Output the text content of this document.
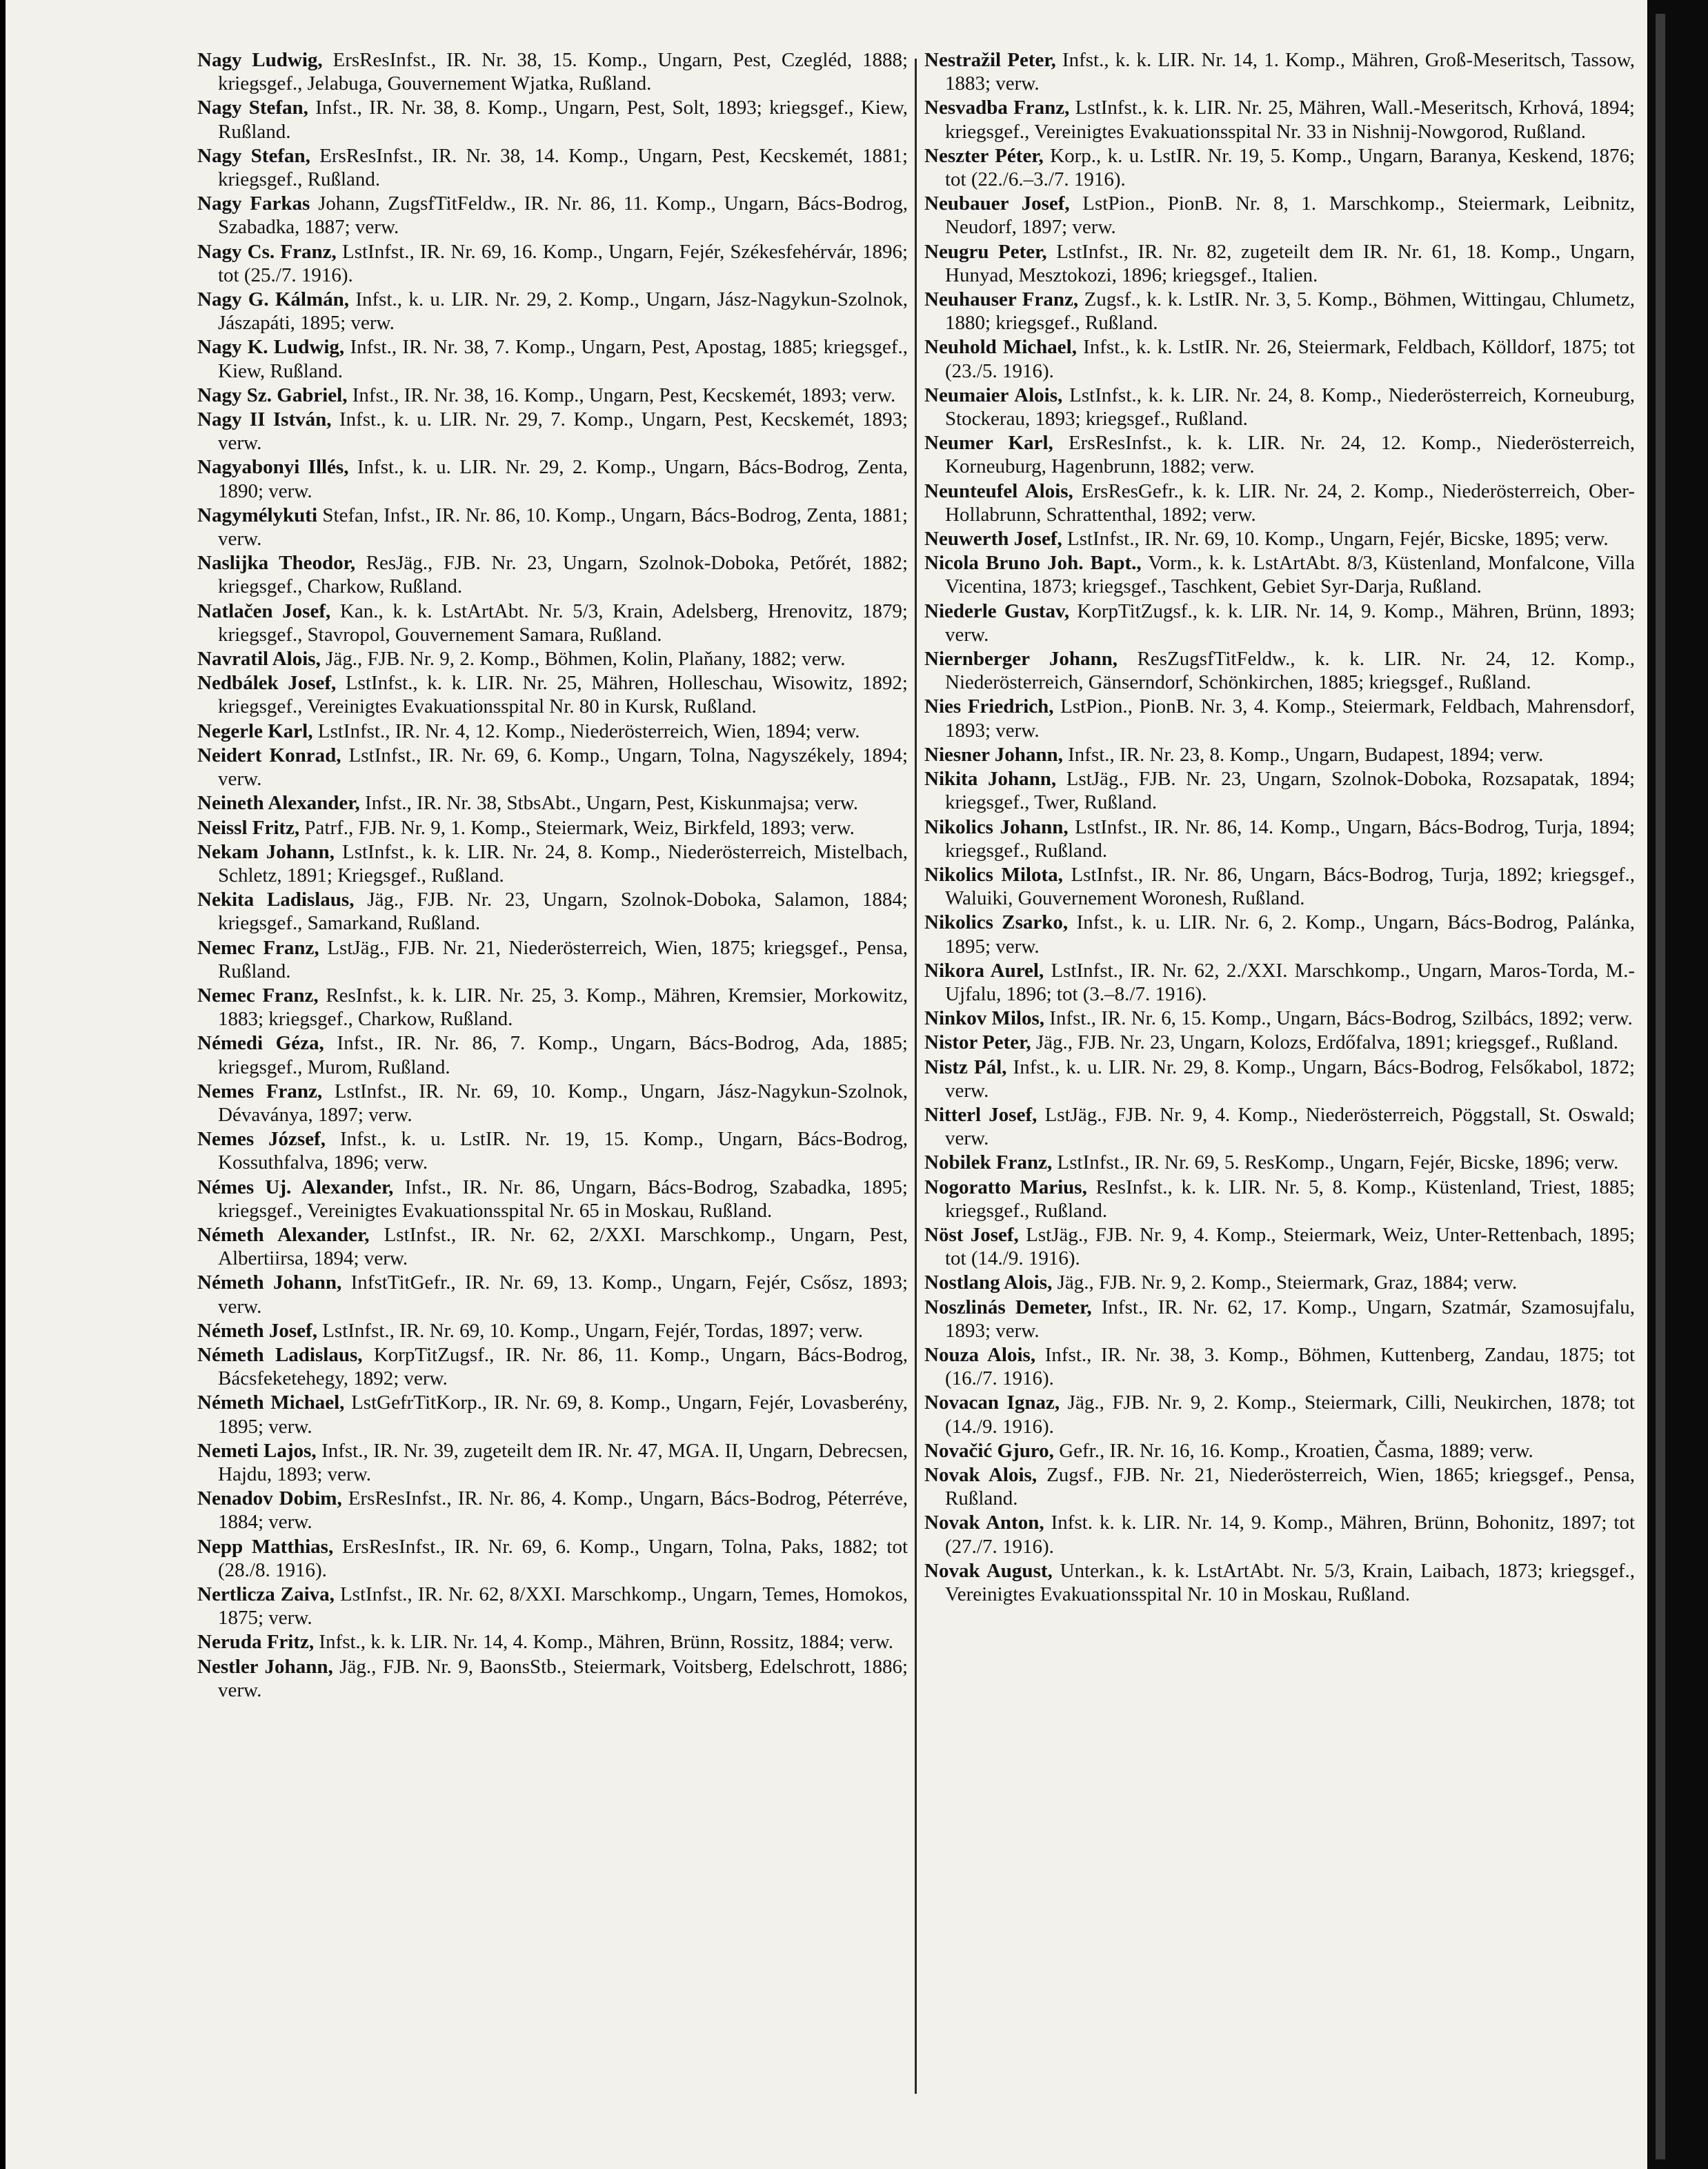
Nagy Ludwig, ErsResInfst., IR. Nr. 38, 15. Komp., Ungarn, Pest, Czegléd, 1888; kriegsgef., Jelabuga, Gouvernement Wjatka, Rußland.

Nagy Stefan, Infst., IR. Nr. 38, 8. Komp., Ungarn, Pest, Solt, 1893; kriegsgef., Kiew, Rußland.

Nagy Stefan, ErsResInfst., IR. Nr. 38, 14. Komp., Ungarn, Pest, Kecskemét, 1881; kriegsgef., Rußland.

Nagy Farkas Johann, ZugsfTitFeldw., IR. Nr. 86, 11. Komp., Ungarn, Bács-Bodrog, Szabadka, 1887; verw.

Nagy Cs. Franz, LstInfst., IR. Nr. 69, 16. Komp., Ungarn, Fejér, Székesfehérvár, 1896; tot (25./7. 1916).

Nagy G. Kálmán, Infst., k. u. LIR. Nr. 29, 2. Komp., Ungarn, Jász-Nagykun-Szolnok, Jászapáti, 1895; verw.

Nagy K. Ludwig, Infst., IR. Nr. 38, 7. Komp., Ungarn, Pest, Apostag, 1885; kriegsgef., Kiew, Rußland.

Nagy Sz. Gabriel, Infst., IR. Nr. 38, 16. Komp., Ungarn, Pest, Kecskemét, 1893; verw.

Nagy II István, Infst., k. u. LIR. Nr. 29, 7. Komp., Ungarn, Pest, Kecskemét, 1893; verw.

Nagyabonyi Illés, Infst., k. u. LIR. Nr. 29, 2. Komp., Ungarn, Bács-Bodrog, Zenta, 1890; verw.

Nagymélykuti Stefan, Infst., IR. Nr. 86, 10. Komp., Ungarn, Bács-Bodrog, Zenta, 1881; verw.

Naslijka Theodor, ResJäg., FJB. Nr. 23, Ungarn, Szolnok-Doboka, Petőrét, 1882; kriegsgef., Charkow, Rußland.

Natlačen Josef, Kan., k. k. LstArtAbt. Nr. 5/3, Krain, Adelsberg, Hrenovitz, 1879; kriegsgef., Stavropol, Gouvernement Samara, Rußland.

Navratil Alois, Jäg., FJB. Nr. 9, 2. Komp., Böhmen, Kolin, Plaňany, 1882; verw.

Nedbálek Josef, LstInfst., k. k. LIR. Nr. 25, Mähren, Holleschau, Wisowitz, 1892; kriegsgef., Vereinigtes Evakuationsspital Nr. 80 in Kursk, Rußland.

Negerle Karl, LstInfst., IR. Nr. 4, 12. Komp., Niederösterreich, Wien, 1894; verw.

Neidert Konrad, LstInfst., IR. Nr. 69, 6. Komp., Ungarn, Tolna, Nagyszékely, 1894; verw.

Neineth Alexander, Infst., IR. Nr. 38, StbsAbt., Ungarn, Pest, Kiskunmajsa; verw.

Neissl Fritz, Patrf., FJB. Nr. 9, 1. Komp., Steiermark, Weiz, Birkfeld, 1893; verw.

Nekam Johann, LstInfst., k. k. LIR. Nr. 24, 8. Komp., Niederösterreich, Mistelbach, Schletz, 1891; Kriegsgef., Rußland.

Nekita Ladislaus, Jäg., FJB. Nr. 23, Ungarn, Szolnok-Doboka, Salamon, 1884; kriegsgef., Samarkand, Rußland.

Nemec Franz, LstJäg., FJB. Nr. 21, Niederösterreich, Wien, 1875; kriegsgef., Pensa, Rußland.

Nemec Franz, ResInfst., k. k. LIR. Nr. 25, 3. Komp., Mähren, Kremsier, Morkowitz, 1883; kriegsgef., Charkow, Rußland.

Némedi Géza, Infst., IR. Nr. 86, 7. Komp., Ungarn, Bács-Bodrog, Ada, 1885; kriegsgef., Murom, Rußland.

Nemes Franz, LstInfst., IR. Nr. 69, 10. Komp., Ungarn, Jász-Nagykun-Szolnok, Dévaványa, 1897; verw.

Nemes József, Infst., k. u. LstIR. Nr. 19, 15. Komp., Ungarn, Bács-Bodrog, Kossuthfalva, 1896; verw.

Némes Uj. Alexander, Infst., IR. Nr. 86, Ungarn, Bács-Bodrog, Szabadka, 1895; kriegsgef., Vereinigtes Evakuationsspital Nr. 65 in Moskau, Rußland.

Németh Alexander, LstInfst., IR. Nr. 62, 2/XXI. Marschkomp., Ungarn, Pest, Albertiirsa, 1894; verw.

Németh Johann, InfstTitGefr., IR. Nr. 69, 13. Komp., Ungarn, Fejér, Csősz, 1893; verw.

Németh Josef, LstInfst., IR. Nr. 69, 10. Komp., Ungarn, Fejér, Tordas, 1897; verw.

Németh Ladislaus, KorpTitZugsf., IR. Nr. 86, 11. Komp., Ungarn, Bács-Bodrog, Bácsfeketehegy, 1892; verw.

Németh Michael, LstGefrTitKorp., IR. Nr. 69, 8. Komp., Ungarn, Fejér, Lovasberény, 1895; verw.

Nemeti Lajos, Infst., IR. Nr. 39, zugeteilt dem IR. Nr. 47, MGA. II, Ungarn, Debrecsen, Hajdu, 1893; verw.

Nenadov Dobim, ErsResInfst., IR. Nr. 86, 4. Komp., Ungarn, Bács-Bodrog, Péterréve, 1884; verw.

Nepp Matthias, ErsResInfst., IR. Nr. 69, 6. Komp., Ungarn, Tolna, Paks, 1882; tot (28./8. 1916).

Nertlicza Zaiva, LstInfst., IR. Nr. 62, 8/XXI. Marschkomp., Ungarn, Temes, Homokos, 1875; verw.

Neruda Fritz, Infst., k. k. LIR. Nr. 14, 4. Komp., Mähren, Brünn, Rossitz, 1884; verw.

Nestler Johann, Jäg., FJB. Nr. 9, BaonsStb., Steiermark, Voitsberg, Edelschrott, 1886; verw.

Nestražil Peter, Infst., k. k. LIR. Nr. 14, 1. Komp., Mähren, Groß-Meseritsch, Tassow, 1883; verw.

Nesvadba Franz, LstInfst., k. k. LIR. Nr. 25, Mähren, Wall.-Meseritsch, Krhová, 1894; kriegsgef., Vereinigtes Evakuationsspital Nr. 33 in Nishnij-Nowgorod, Rußland.

Neszter Péter, Korp., k. u. LstIR. Nr. 19, 5. Komp., Ungarn, Baranya, Keskend, 1876; tot (22./6.–3./7. 1916).

Neubauer Josef, LstPion., PionB. Nr. 8, 1. Marschkomp., Steiermark, Leibnitz, Neudorf, 1897; verw.

Neugru Peter, LstInfst., IR. Nr. 82, zugeteilt dem IR. Nr. 61, 18. Komp., Ungarn, Hunyad, Mesztokozi, 1896; kriegsgef., Italien.

Neuhauser Franz, Zugsf., k. k. LstIR. Nr. 3, 5. Komp., Böhmen, Wittingau, Chlumetz, 1880; kriegsgef., Rußland.

Neuhold Michael, Infst., k. k. LstIR. Nr. 26, Steiermark, Feldbach, Kölldorf, 1875; tot (23./5. 1916).

Neumaier Alois, LstInfst., k. k. LIR. Nr. 24, 8. Komp., Niederösterreich, Korneuburg, Stockerau, 1893; kriegsgef., Rußland.

Neumer Karl, ErsResInfst., k. k. LIR. Nr. 24, 12. Komp., Niederösterreich, Korneuburg, Hagenbrunn, 1882; verw.

Neunteufel Alois, ErsResGefr., k. k. LIR. Nr. 24, 2. Komp., Niederösterreich, Ober-Hollabrunn, Schrattenthal, 1892; verw.

Neuwerth Josef, LstInfst., IR. Nr. 69, 10. Komp., Ungarn, Fejér, Bicske, 1895; verw.

Nicola Bruno Joh. Bapt., Vorm., k. k. LstArtAbt. 8/3, Küstenland, Monfalcone, Villa Vicentina, 1873; kriegsgef., Taschkent, Gebiet Syr-Darja, Rußland.

Niederle Gustav, KorpTitZugsf., k. k. LIR. Nr. 14, 9. Komp., Mähren, Brünn, 1893; verw.

Niernberger Johann, ResZugsfTitFeldw., k. k. LIR. Nr. 24, 12. Komp., Niederösterreich, Gänserndorf, Schönkirchen, 1885; kriegsgef., Rußland.

Nies Friedrich, LstPion., PionB. Nr. 3, 4. Komp., Steiermark, Feldbach, Mahrensdorf, 1893; verw.

Niesner Johann, Infst., IR. Nr. 23, 8. Komp., Ungarn, Budapest, 1894; verw.

Nikita Johann, LstJäg., FJB. Nr. 23, Ungarn, Szolnok-Doboka, Rozsapatak, 1894; kriegsgef., Twer, Rußland.

Nikolics Johann, LstInfst., IR. Nr. 86, 14. Komp., Ungarn, Bács-Bodrog, Turja, 1894; kriegsgef., Rußland.

Nikolics Milota, LstInfst., IR. Nr. 86, Ungarn, Bács-Bodrog, Turja, 1892; kriegsgef., Waluiki, Gouvernement Woronesh, Rußland.

Nikolics Zsarko, Infst., k. u. LIR. Nr. 6, 2. Komp., Ungarn, Bács-Bodrog, Palánka, 1895; verw.

Nikora Aurel, LstInfst., IR. Nr. 62, 2./XXI. Marschkomp., Ungarn, Maros-Torda, M.-Ujfalu, 1896; tot (3.–8./7. 1916).

Ninkov Milos, Infst., IR. Nr. 6, 15. Komp., Ungarn, Bács-Bodrog, Szilbács, 1892; verw.

Nistor Peter, Jäg., FJB. Nr. 23, Ungarn, Kolozs, Erdőfalva, 1891; kriegsgef., Rußland.

Nistz Pál, Infst., k. u. LIR. Nr. 29, 8. Komp., Ungarn, Bács-Bodrog, Felsőkabol, 1872; verw.

Nitterl Josef, LstJäg., FJB. Nr. 9, 4. Komp., Niederösterreich, Pöggstall, St. Oswald; verw.

Nobilek Franz, LstInfst., IR. Nr. 69, 5. ResKomp., Ungarn, Fejér, Bicske, 1896; verw.

Nogoratto Marius, ResInfst., k. k. LIR. Nr. 5, 8. Komp., Küstenland, Triest, 1885; kriegsgef., Rußland.

Nöst Josef, LstJäg., FJB. Nr. 9, 4. Komp., Steiermark, Weiz, Unter-Rettenbach, 1895; tot (14./9. 1916).

Nostlang Alois, Jäg., FJB. Nr. 9, 2. Komp., Steiermark, Graz, 1884; verw.

Noszlinás Demeter, Infst., IR. Nr. 62, 17. Komp., Ungarn, Szatmár, Szamosujfalu, 1893; verw.

Nouza Alois, Infst., IR. Nr. 38, 3. Komp., Böhmen, Kuttenberg, Zandau, 1875; tot (16./7. 1916).

Novacan Ignaz, Jäg., FJB. Nr. 9, 2. Komp., Steiermark, Cilli, Neukirchen, 1878; tot (14./9. 1916).

Novačić Gjuro, Gefr., IR. Nr. 16, 16. Komp., Kroatien, Časma, 1889; verw.

Novak Alois, Zugsf., FJB. Nr. 21, Niederösterreich, Wien, 1865; kriegsgef., Pensa, Rußland.

Novak Anton, Infst. k. k. LIR. Nr. 14, 9. Komp., Mähren, Brünn, Bohonitz, 1897; tot (27./7. 1916).

Novak August, Unterkan., k. k. LstArtAbt. Nr. 5/3, Krain, Laibach, 1873; kriegsgef., Vereinigtes Evakuationsspital Nr. 10 in Moskau, Rußland.
